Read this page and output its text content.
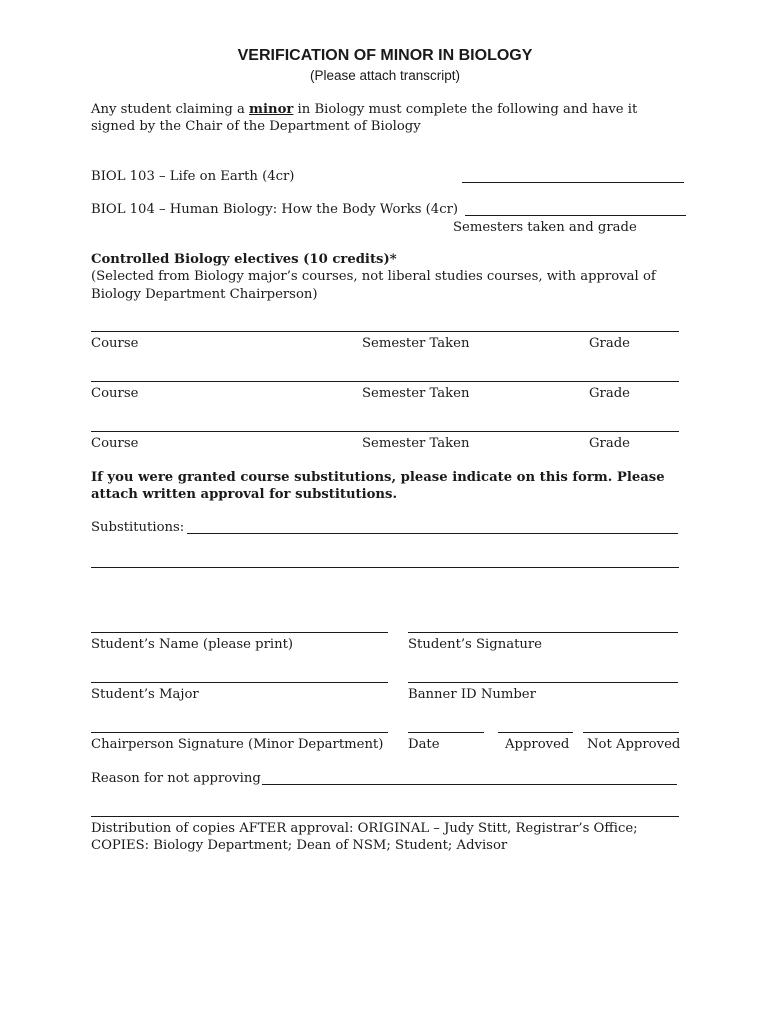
VERIFICATION OF MINOR IN BIOLOGY
(Please attach transcript)
Any student claiming a minor in Biology must complete the following and have it
signed by the Chair of the Department of Biology
BIOL 103 – Life on Earth (4cr)
BIOL 104 – Human Biology: How the Body Works (4cr)
Semesters taken and grade
Controlled Biology electives (10 credits)*
(Selected from Biology major’s courses, not liberal studies courses, with approval of
Biology Department Chairperson)
Course	Semester Taken	Grade
Course	Semester Taken	Grade
Course	Semester Taken	Grade
If you were granted course substitutions, please indicate on this form. Please
attach written approval for substitutions.
Substitutions:
Student’s Name (please print)	Student’s Signature
Student’s Major	Banner ID Number
Chairperson Signature (Minor Department) Date	Approved Not Approved
Reason for not approving
Distribution of copies AFTER approval: ORIGINAL – Judy Stitt, Registrar’s Office;
COPIES: Biology Department; Dean of NSM; Student; Advisor
